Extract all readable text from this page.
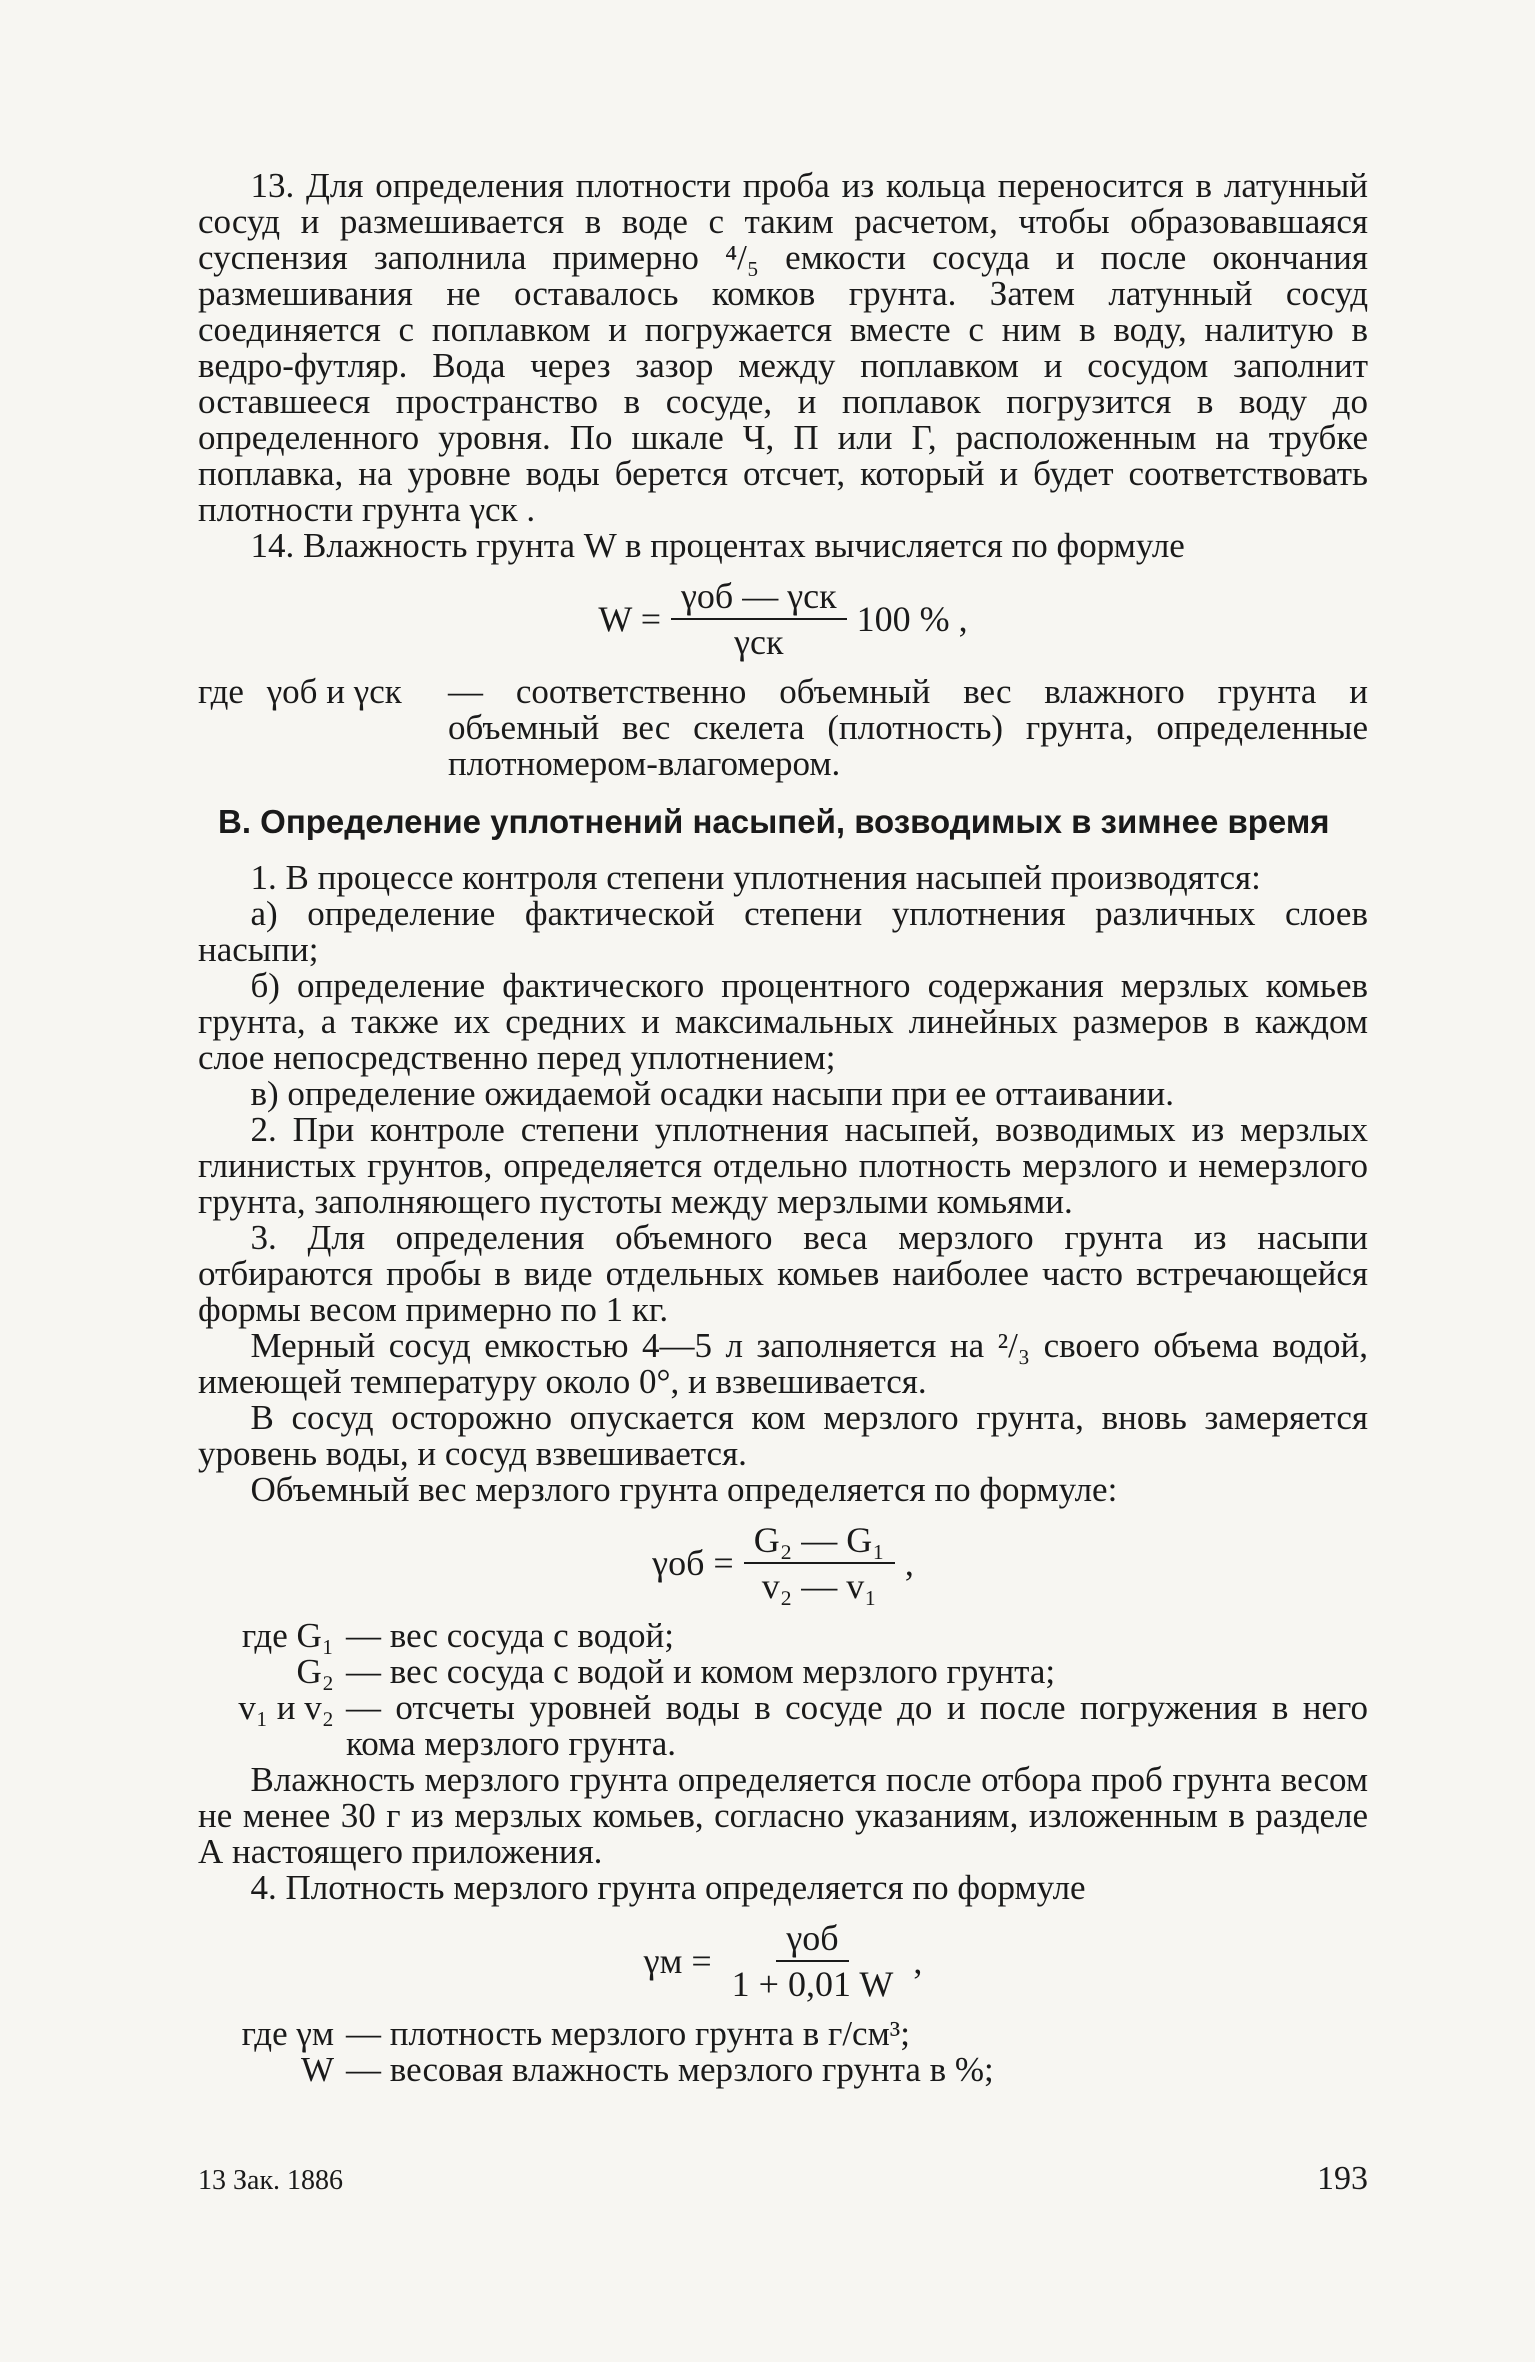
13. Для определения плотности проба из кольца переносится в латунный сосуд и размешивается в воде с таким расчетом, чтобы образовавшаяся суспензия заполнила примерно ⁴/₅ емкости сосуда и после окончания размешивания не оставалось комков грунта. Затем латунный сосуд соединяется с поплавком и погружается вместе с ним в воду, налитую в ведро-футляр. Вода через зазор между поплавком и сосудом заполнит оставшееся пространство в сосуде, и поплавок погрузится в воду до определенного уровня. По шкале Ч, П или Г, расположенным на трубке поплавка, на уровне воды берется отсчет, который и будет соответствовать плотности грунта γск .

14. Влажность грунта W в процентах вычисляется по формуле

$W = \frac{\text{γоб — γск}}{\text{γск}} 100$ % ,
где γоб и γск	— соответственно объемный вес влажного грунта и объемный вес скелета (плотность) грунта, определенные плотномером-влагомером.
В. Определение уплотнений насыпей, возводимых в зимнее время

1. В процессе контроля степени уплотнения насыпей производятся:

а) определение фактической степени уплотнения различных слоев насыпи;

б) определение фактического процентного содержания мерзлых комьев грунта, а также их средних и максимальных линейных размеров в каждом слое непосредственно перед уплотнением;

в) определение ожидаемой осадки насыпи при ее оттаивании.

2. При контроле степени уплотнения насыпей, возводимых из мерзлых глинистых грунтов, определяется отдельно плотность мерзлого и немерзлого грунта, заполняющего пустоты между мерзлыми комьями.

3. Для определения объемного веса мерзлого грунта из насыпи отбираются пробы в виде отдельных комьев наиболее часто встречающейся формы весом примерно по 1 кг.

Мерный сосуд емкостью 4—5 л заполняется на ²/₃ своего объема водой, имеющей температуру около 0°, и взвешивается.

В сосуд осторожно опускается ком мерзлого грунта, вновь замеряется уровень воды, и сосуд взвешивается.

Объемный вес мерзлого грунта определяется по формуле:

$\gamma об = \frac{\text{G₂ — G₁}}{\text{v₂ — v₁}}$ ,
где G₁ — вес сосуда с водой;
G₂ — вес сосуда с водой и комом мерзлого грунта;
v₁ и v₂ — отсчеты уровней воды в сосуде до и после погружения в него кома мерзлого грунта.

Влажность мерзлого грунта определяется после отбора проб грунта весом не менее 30 г из мерзлых комьев, согласно указаниям, изложенным в разделе А настоящего приложения.

4. Плотность мерзлого грунта определяется по формуле

$\gamma м = \frac{\text{γоб}}{1 + 0,01 W}$ ,
где γм — плотность мерзлого грунта в г/см³;
W — весовая влажность мерзлого грунта в %;
13 Зак. 1886	193
